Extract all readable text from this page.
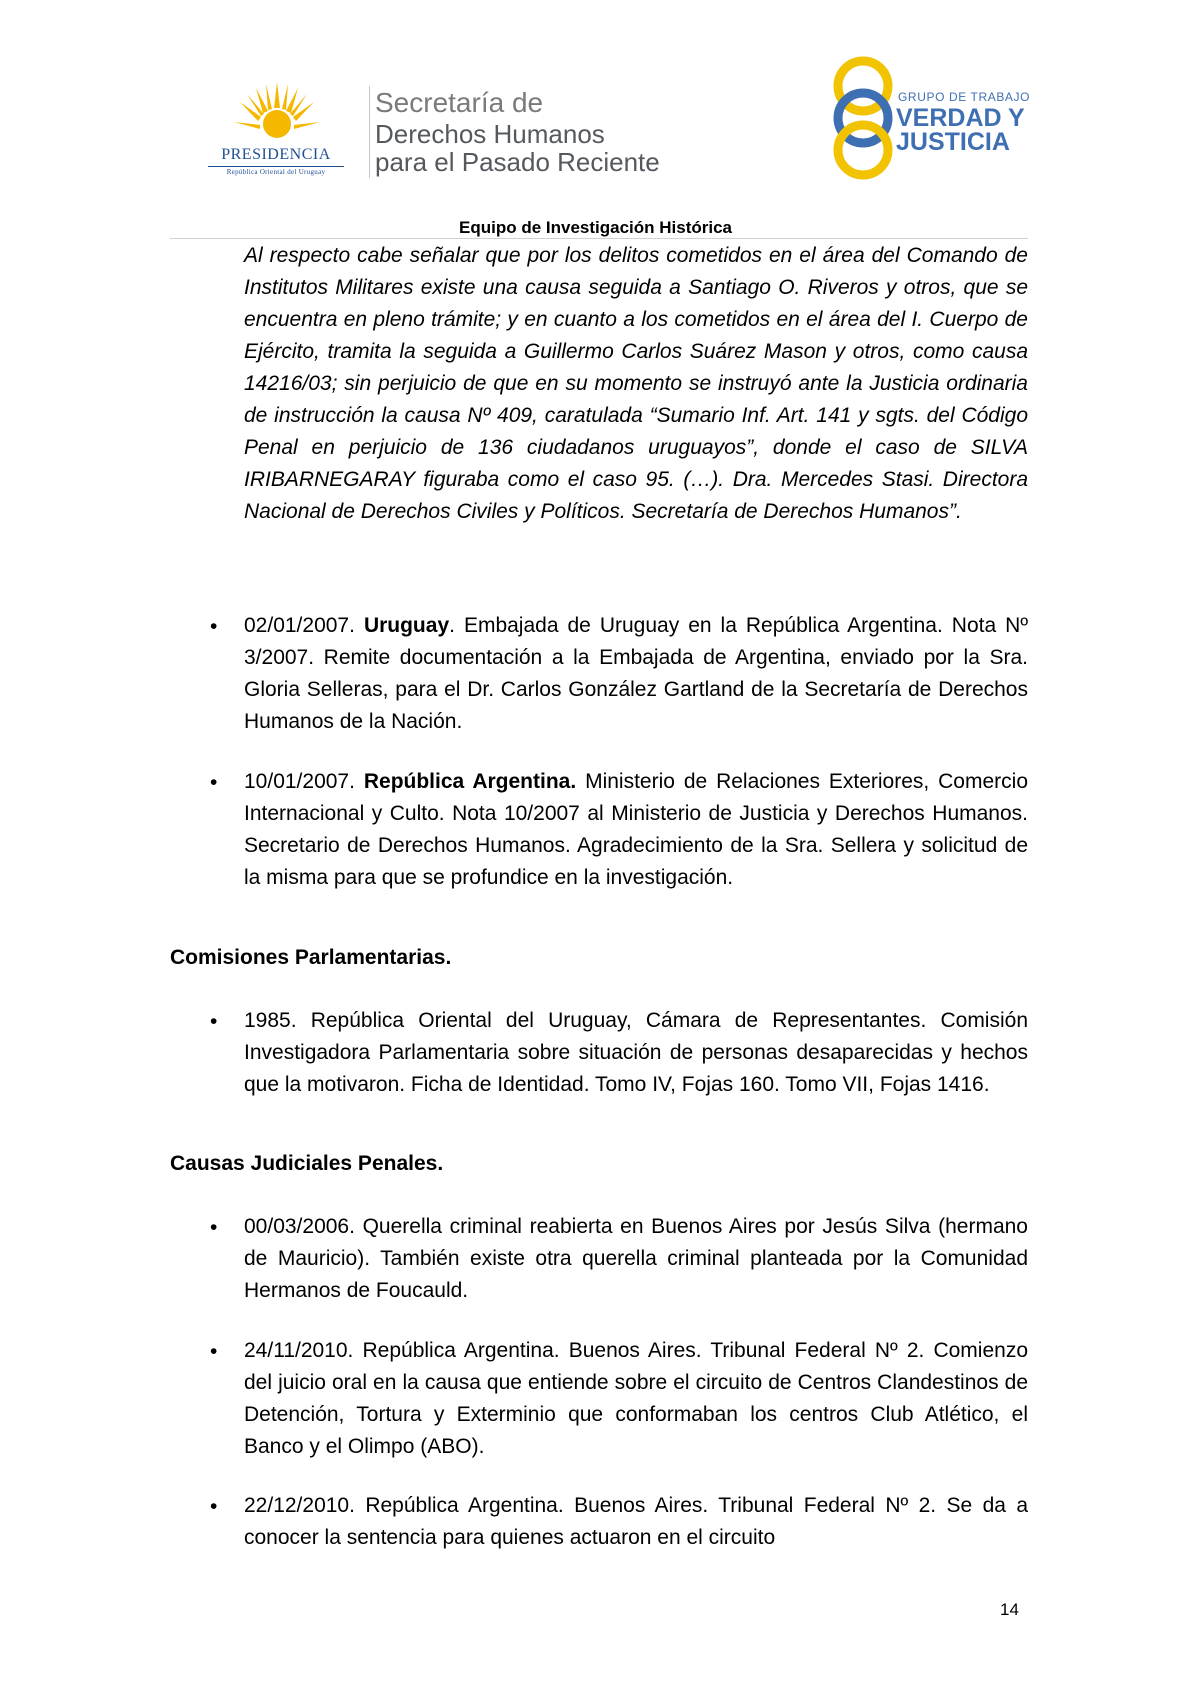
PRESIDENCIA
República Oriental del Uruguay
Secretaría de
Derechos Humanos
para el Pasado Reciente
GRUPO DE TRABAJO
VERDAD Y
JUSTICIA
Equipo de Investigación Histórica

Al respecto cabe señalar que por los delitos cometidos en el área del Comando de Institutos Militares existe una causa seguida a Santiago O. Riveros y otros, que se encuentra en pleno trámite; y en cuanto a los cometidos en el área del I. Cuerpo de Ejército, tramita la seguida a Guillermo Carlos Suárez Mason y otros, como causa 14216/03; sin perjuicio de que en su momento se instruyó ante la Justicia ordinaria de instrucción la causa Nº 409, caratulada “Sumario Inf. Art. 141 y sgts. del Código Penal en perjuicio de 136 ciudadanos uruguayos”, donde el caso de SILVA IRIBARNEGARAY figuraba como el caso 95. (…). Dra. Mercedes Stasi. Directora Nacional de Derechos Civiles y Políticos. Secretaría de Derechos Humanos”.

• 02/01/2007. Uruguay. Embajada de Uruguay en la República Argentina. Nota Nº 3/2007. Remite documentación a la Embajada de Argentina, enviado por la Sra. Gloria Selleras, para el Dr. Carlos González Gartland de la Secretaría de Derechos Humanos de la Nación.

• 10/01/2007. República Argentina. Ministerio de Relaciones Exteriores, Comercio Internacional y Culto. Nota 10/2007 al Ministerio de Justicia y Derechos Humanos. Secretario de Derechos Humanos. Agradecimiento de la Sra. Sellera y solicitud de la misma para que se profundice en la investigación.

Comisiones Parlamentarias.

• 1985. República Oriental del Uruguay, Cámara de Representantes. Comisión Investigadora Parlamentaria sobre situación de personas desaparecidas y hechos que la motivaron. Ficha de Identidad. Tomo IV, Fojas 160. Tomo VII, Fojas 1416.

Causas Judiciales Penales.

• 00/03/2006. Querella criminal reabierta en Buenos Aires por Jesús Silva (hermano de Mauricio). También existe otra querella criminal planteada por la Comunidad Hermanos de Foucauld.

• 24/11/2010. República Argentina. Buenos Aires. Tribunal Federal Nº 2. Comienzo del juicio oral en la causa que entiende sobre el circuito de Centros Clandestinos de Detención, Tortura y Exterminio que conformaban los centros Club Atlético, el Banco y el Olimpo (ABO).

• 22/12/2010. República Argentina. Buenos Aires. Tribunal Federal Nº 2. Se da a conocer la sentencia para quienes actuaron en el circuito

14
